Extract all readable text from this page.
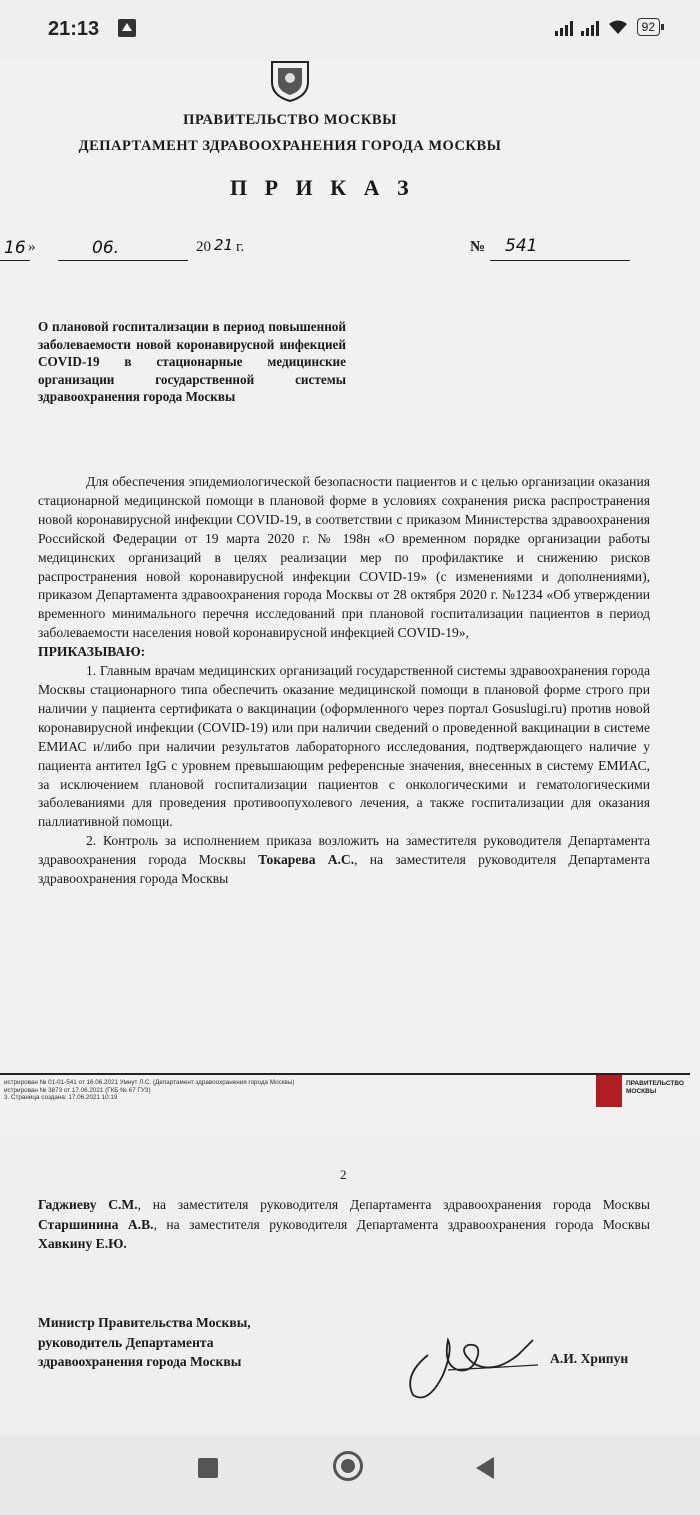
21:13	92
ПРАВИТЕЛЬСТВО МОСКВЫ
ДЕПАРТАМЕНТ ЗДРАВООХРАНЕНИЯ ГОРОДА МОСКВЫ
П Р И К А З
16 »	06.	20 21 г.	№ 541
О плановой госпитализации в период повышенной заболеваемости новой коронавирусной инфекцией COVID-19 в стационарные медицинские организации государственной системы здравоохранения города Москвы

Для обеспечения эпидемиологической безопасности пациентов и с целью организации оказания стационарной медицинской помощи в плановой форме в условиях сохранения риска распространения новой коронавирусной инфекции COVID-19, в соответствии с приказом Министерства здравоохранения Российской Федерации от 19 марта 2020 г. № 198н «О временном порядке организации работы медицинских организаций в целях реализации мер по профилактике и снижению рисков распространения новой коронавирусной инфекции COVID-19» (с изменениями и дополнениями), приказом Департамента здравоохранения города Москвы от 28 октября 2020 г. №1234 «Об утверждении временного минимального перечня исследований при плановой госпитализации пациентов в период заболеваемости населения новой коронавирусной инфекцией COVID-19»,

ПРИКАЗЫВАЮ:

1. Главным врачам медицинских организаций государственной системы здравоохранения города Москвы стационарного типа обеспечить оказание медицинской помощи в плановой форме строго при наличии у пациента сертификата о вакцинации (оформленного через портал Gosuslugi.ru) против новой коронавирусной инфекции (COVID-19) или при наличии сведений о проведенной вакцинации в системе ЕМИАС и/либо при наличии результатов лабораторного исследования, подтверждающего наличие у пациента антител IgG с уровнем превышающим референсные значения, внесенных в систему ЕМИАС, за исключением плановой госпитализации пациентов с онкологическими и гематологическими заболеваниями для проведения противоопухолевого лечения, а также госпитализации для оказания паллиативной помощи.

2. Контроль за исполнением приказа возложить на заместителя руководителя Департамента здравоохранения города Москвы Токарева А.С., на заместителя руководителя Департамента здравоохранения города Москвы

истрирован № 01-01-541 от 16.06.2021 Умнут Л.С. (Департамент здравоохранения города Москвы)
истрирован № 3873 от 17.06.2021 (ГКБ № 67 ГУЗ)
3. Страница создана: 17.06.2021 10:19
ПРАВИТЕЛЬСТВО
МОСКВЫ
2
Гаджиеву С.М., на заместителя руководителя Департамента здравоохранения города Москвы Старшинина А.В., на заместителя руководителя Департамента здравоохранения города Москвы Хавкину Е.Ю.
Министр Правительства Москвы,
руководитель Департамента
здравоохранения города Москвы	А.И. Хрипун
